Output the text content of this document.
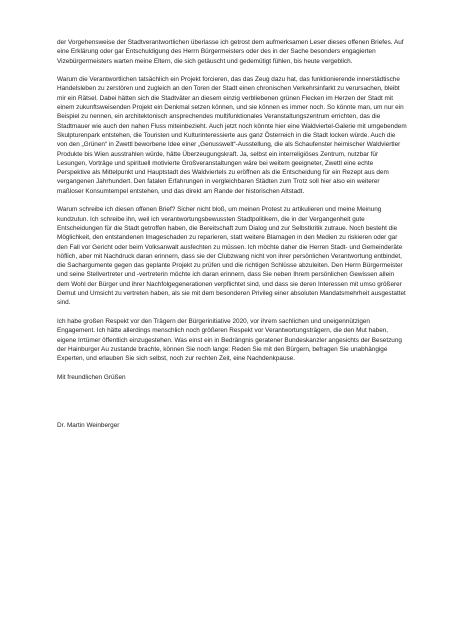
der Vorgehensweise der Stadtverantwortlichen überlasse ich getrost dem aufmerksamen Leser dieses offenen Briefes. Auf eine Erklärung oder gar Entschuldigung des Herrn Bürgermeisters oder des in der Sache besonders engagierten Vizebürgermeisters warten meine Eltern, die sich getäuscht und gedemütigt fühlen, bis heute vergeblich.

Warum die Verantwortlichen tatsächlich ein Projekt forcieren, das das Zeug dazu hat, das funktionierende innerstädtische Handelsleben zu zerstören und zugleich an den Toren der Stadt einen chronischen Verkehrsinfarkt zu verursachen, bleibt mir ein Rätsel. Dabei hätten sich die Stadtväter an diesem einzig verbliebenen grünen Flecken im Herzen der Stadt mit einem zukunftsweisenden Projekt ein Denkmal setzen können, und sie können es immer noch. So könnte man, um nur ein Beispiel zu nennen, ein architektonisch ansprechendes multifunktionales Veranstaltungszentrum errichten, das die Stadtmauer wie auch den nahen Fluss miteinbezieht. Auch jetzt noch könnte hier eine Waldviertel-Galerie mit umgebendem Skulpturenpark entstehen, die Touristen und Kulturinteressierte aus ganz Österreich in die Stadt locken würde. Auch die von den „Grünen“ in Zwettl beworbene Idee einer „Genusswelt“-Ausstellung, die als Schaufenster heimischer Waldviertler Produkte bis Wien ausstrahlen würde, hätte Überzeugungskraft. Ja, selbst ein interreligiöses Zentrum, nutzbar für Lesungen, Vorträge und spirituell motivierte Großveranstaltungen wäre bei weitem geeigneter, Zwettl eine echte Perspektive als Mittelpunkt und Hauptstadt des Waldviertels zu eröffnen als die Entscheidung für ein Rezept aus dem vergangenen Jahrhundert. Den fatalen Erfahrungen in vergleichbaren Städten zum Trotz soll hier also ein weiterer maßloser Konsumtempel entstehen, und das direkt am Rande der historischen Altstadt.

Warum schreibe ich diesen offenen Brief? Sicher nicht bloß, um meinen Protest zu artikulieren und meine Meinung kundzutun. Ich schreibe ihn, weil ich verantwortungsbewussten Stadtpolitikern, die in der Vergangenheit gute Entscheidungen für die Stadt getroffen haben, die Bereitschaft zum Dialog und zur Selbstkritik zutraue. Noch besteht die Möglichkeit, den entstandenen Imageschaden zu reparieren, statt weitere Blamagen in den Medien zu riskieren oder gar den Fall vor Gericht oder beim Volksanwalt ausfechten zu müssen. Ich möchte daher die Herren Stadt- und Gemeinderäte höflich, aber mit Nachdruck daran erinnern, dass sie der Clubzwang nicht von ihrer persönlichen Verantwortung entbindet, die Sachargumente gegen das geplante Projekt zu prüfen und die richtigen Schlüsse abzuleiten. Den Herrn Bürgermeister und seine Stellvertreter und -vertreterin möchte ich daran erinnern, dass Sie neben Ihrem persönlichen Gewissen allein dem Wohl der Bürger und ihrer Nachfolgegenerationen verpflichtet sind, und dass sie deren Interessen mit umso größerer Demut und Umsicht zu vertreten haben, als sie mit dem besonderen Privileg einer absoluten Mandatsmehrheit ausgestattet sind.

Ich habe großen Respekt vor den Trägern der Bürgerinitiative 2020, vor ihrem sachlichen und uneigennützigen Engagement. Ich hätte allerdings menschlich noch größeren Respekt vor Verantwortungsträgern, die den Mut haben, eigene Irrtümer öffentlich einzugestehen. Was einst ein in Bedrängnis geratener Bundeskanzler angesichts der Besetzung der Hainburger Au zustande brachte, können Sie noch lange: Reden Sie mit den Bürgern, befragen Sie unabhängige Experten, und erlauben Sie sich selbst, noch zur rechten Zeit, eine Nachdenkpause.

Mit freundlichen Grüßen

Dr. Martin Weinberger
